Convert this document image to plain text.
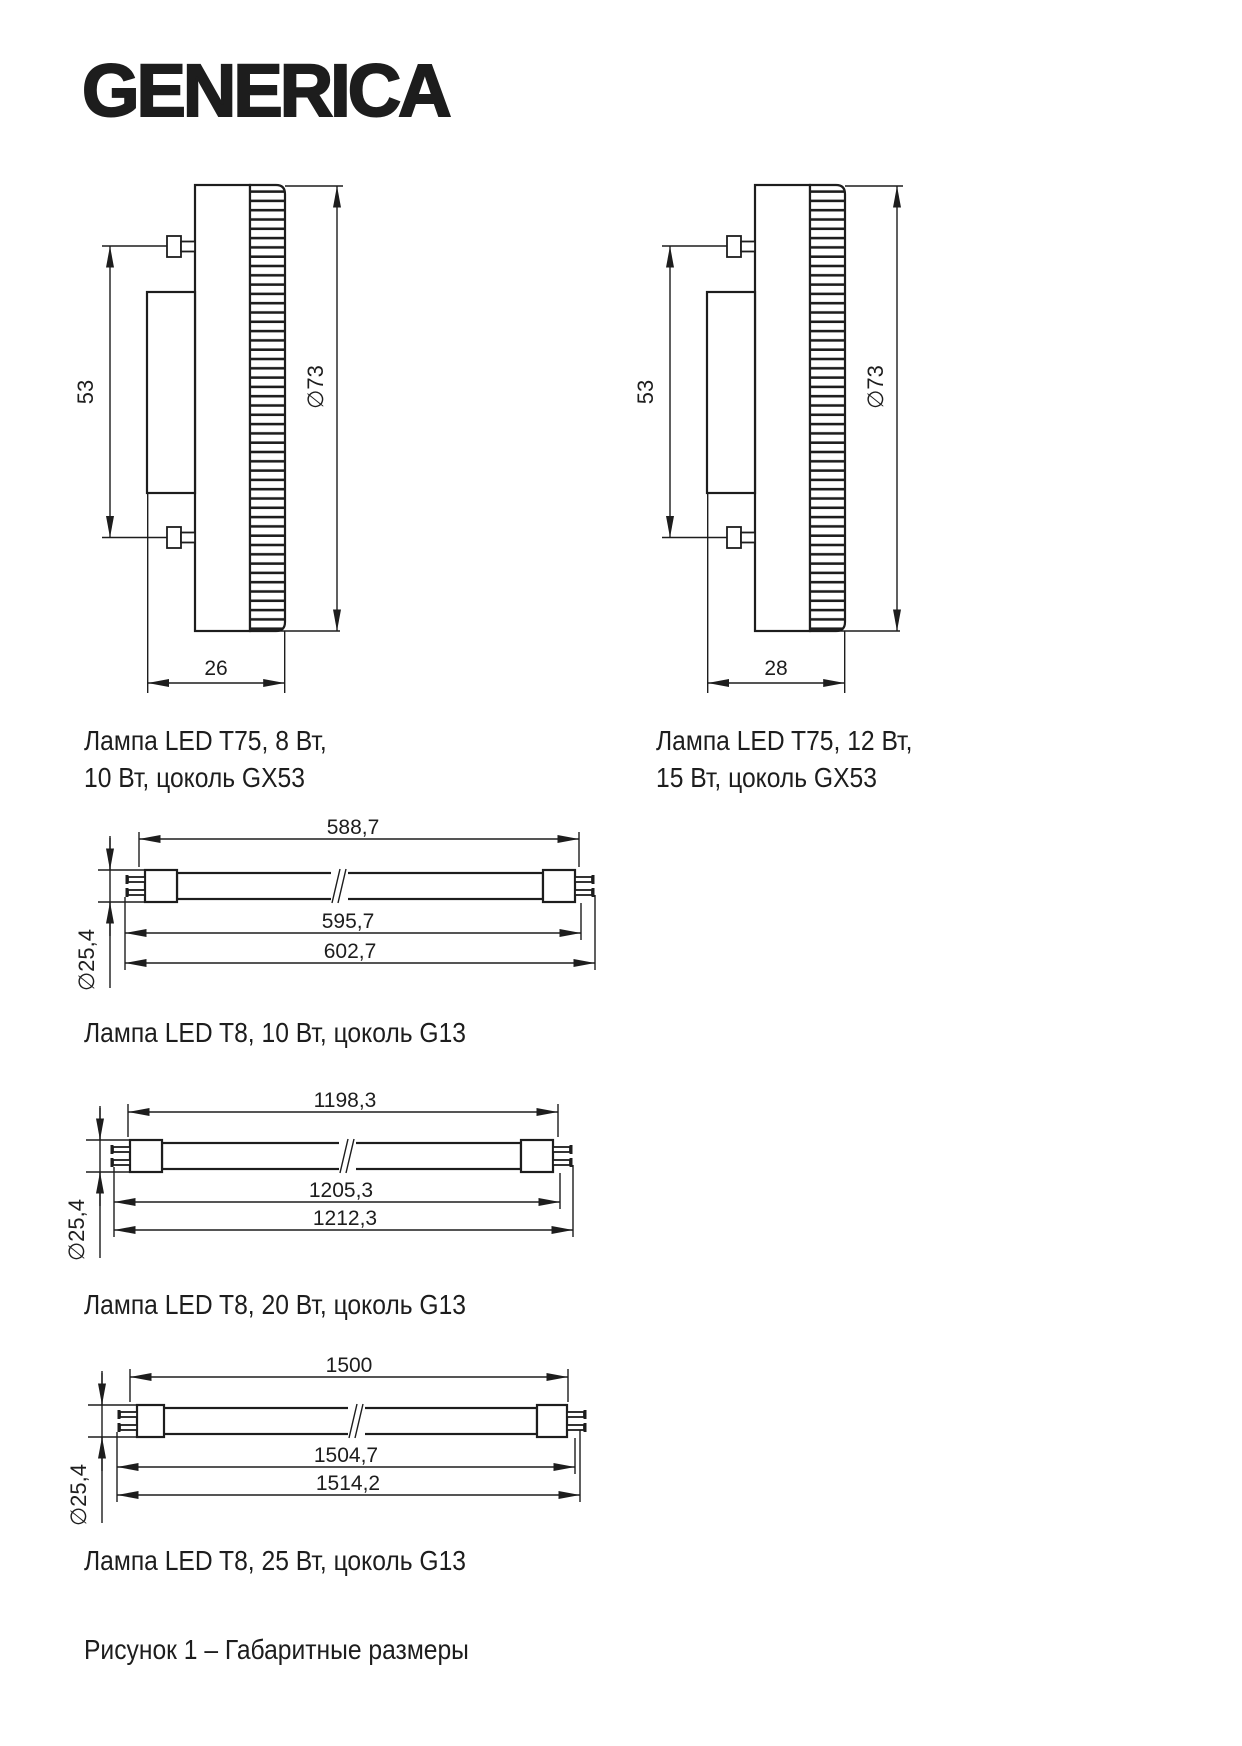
GENERICA
53	∅73
26
53	∅73
28
Лампа LED T75, 8 Вт,
10 Вт, цоколь GX53
Лампа LED T75, 12 Вт,
15 Вт, цоколь GX53
588,7
∅25,4
595,7
602,7
Лампа LED T8, 10 Вт, цоколь G13
1198,3
∅25,4
1205,3
1212,3
Лампа LED T8, 20 Вт, цоколь G13
1500
∅25,4
1504,7
1514,2
Лампа LED T8, 25 Вт, цоколь G13
Рисунок 1 – Габаритные размеры
